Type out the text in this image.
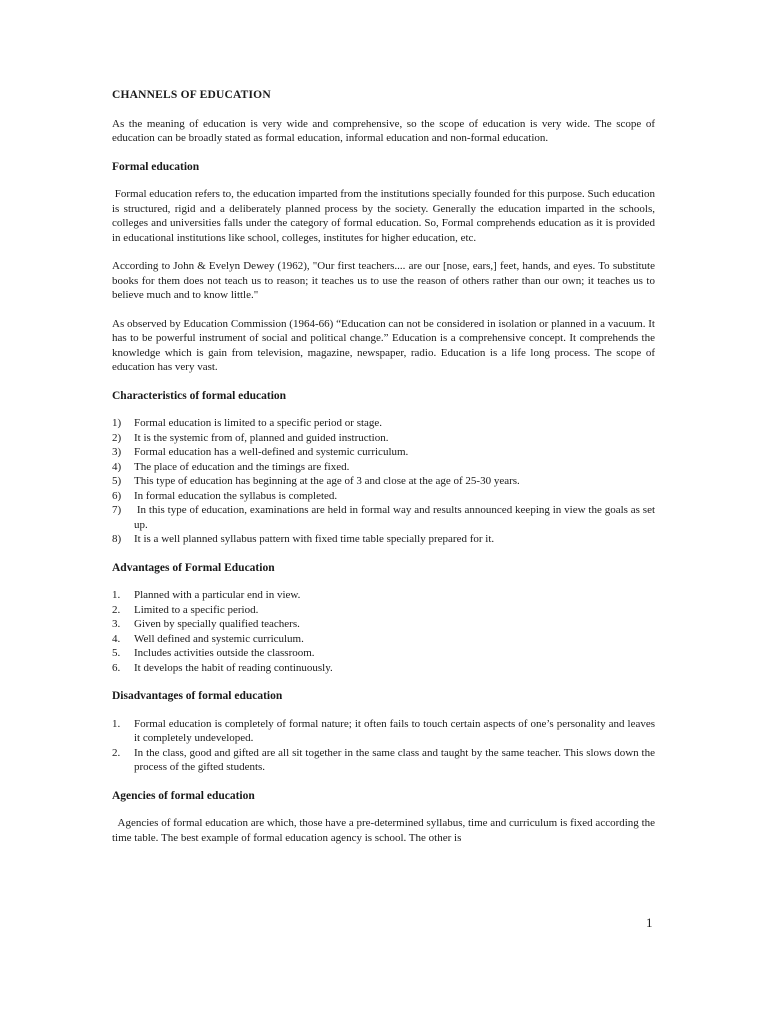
CHANNELS OF EDUCATION

As the meaning of education is very wide and comprehensive, so the scope of education is very wide. The scope of education can be broadly stated as formal education, informal education and non-formal education.

Formal education

Formal education refers to, the education imparted from the institutions specially founded for this purpose. Such education is structured, rigid and a deliberately planned process by the society. Generally the education imparted in the schools, colleges and universities falls under the category of formal education. So, Formal comprehends education as it is provided in educational institutions like school, colleges, institutes for higher education, etc.

According to John & Evelyn Dewey (1962), "Our first teachers.... are our [nose, ears,] feet, hands, and eyes. To substitute books for them does not teach us to reason; it teaches us to use the reason of others rather than our own; it teaches us to believe much and to know little."

As observed by Education Commission (1964-66) “Education can not be considered in isolation or planned in a vacuum. It has to be powerful instrument of social and political change.” Education is a comprehensive concept. It comprehends the knowledge which is gain from television, magazine, newspaper, radio. Education is a life long process. The scope of education has very vast.

Characteristics of formal education
1)	Formal education is limited to a specific period or stage.
2)	It is the systemic from of, planned and guided instruction.
3)	Formal education has a well-defined and systemic curriculum.
4)	The place of education and the timings are fixed.
5)	This type of education has beginning at the age of 3 and close at the age of 25-30 years.
6)	In formal education the syllabus is completed.
7)	In this type of education, examinations are held in formal way and results announced keeping in view the goals as set up.
8)	It is a well planned syllabus pattern with fixed time table specially prepared for it.
Advantages of Formal Education
1.	Planned with a particular end in view.
2.	Limited to a specific period.
3.	Given by specially qualified teachers.
4.	Well defined and systemic curriculum.
5.	Includes activities outside the classroom.
6.	It develops the habit of reading continuously.
Disadvantages of formal education
1.	Formal education is completely of formal nature; it often fails to touch certain aspects of one’s personality and leaves it completely undeveloped.
2.	In the class, good and gifted are all sit together in the same class and taught by the same teacher. This slows down the process of the gifted students.
Agencies of formal education

Agencies of formal education are which, those have a pre-determined syllabus, time and curriculum is fixed according the time table. The best example of formal education agency is school. The other is

1
